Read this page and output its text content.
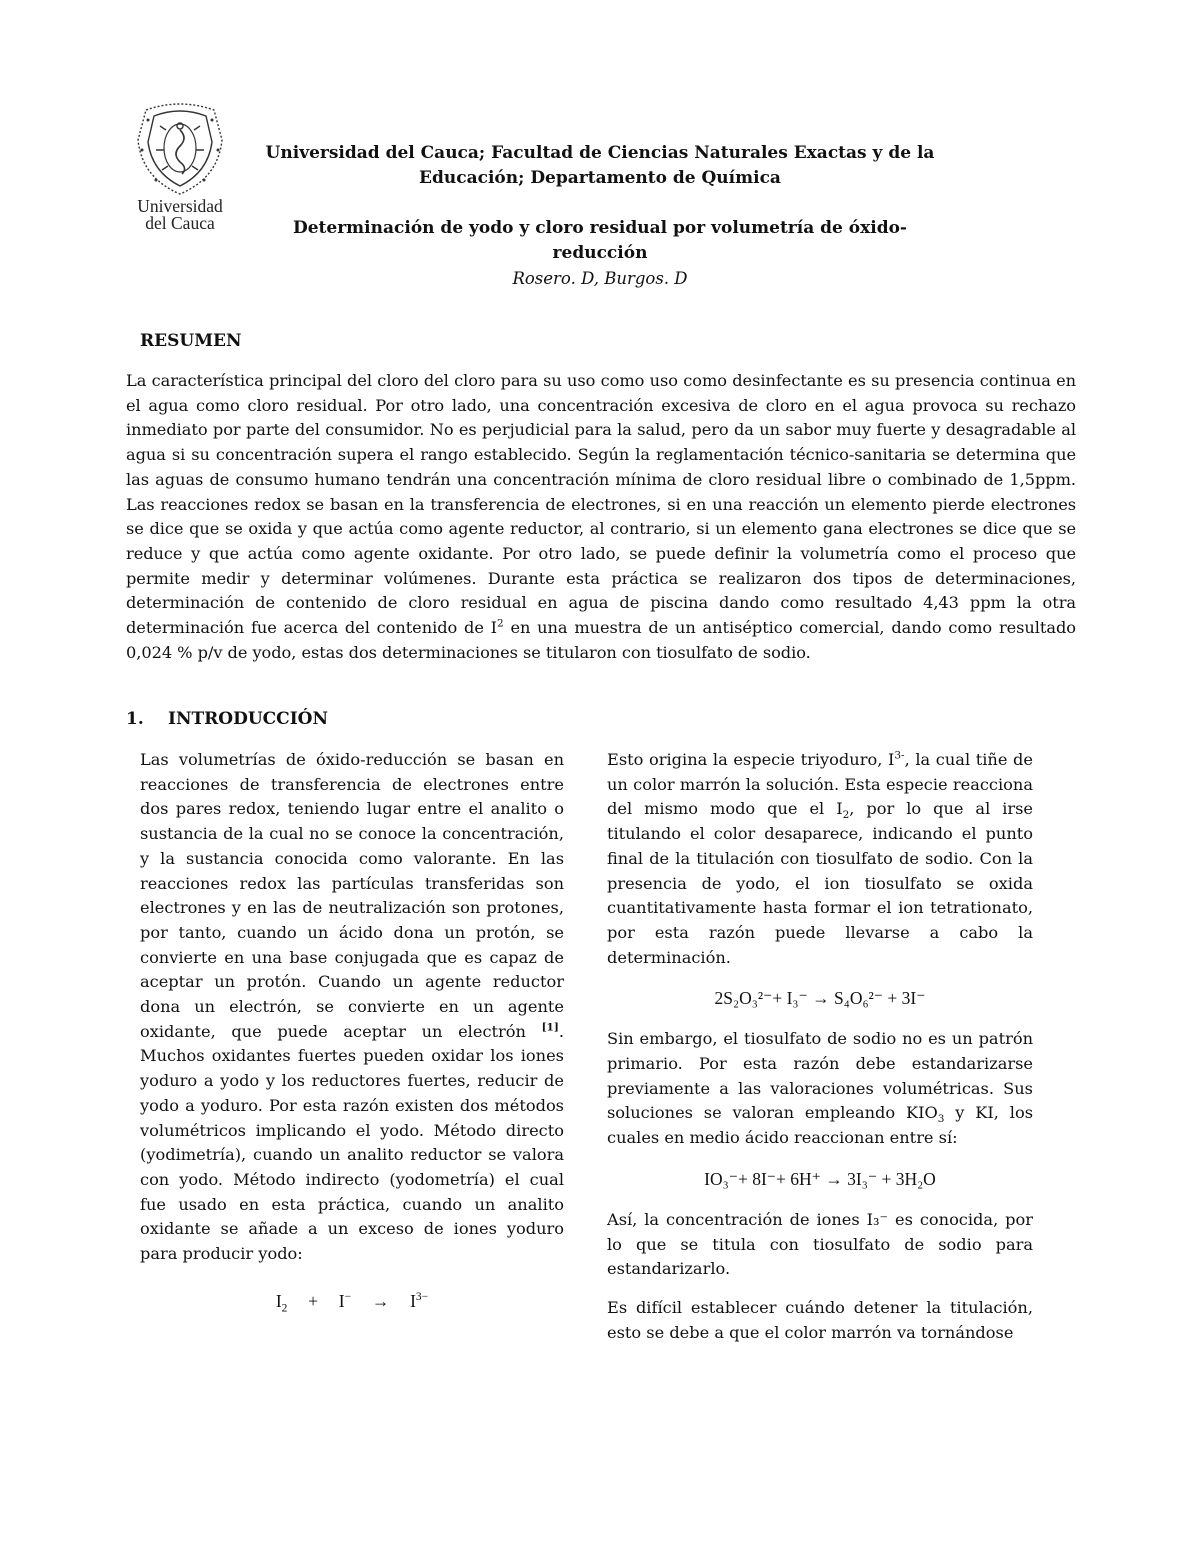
Universidad
del Cauca
Universidad del Cauca; Facultad de Ciencias Naturales Exactas y de la
Educación; Departamento de Química
Determinación de yodo y cloro residual por volumetría de óxido-
reducción
Rosero. D, Burgos. D
RESUMEN
La característica principal del cloro del cloro para su uso como uso como desinfectante es su presencia continua en el agua como cloro residual. Por otro lado, una concentración excesiva de cloro en el agua provoca su rechazo inmediato por parte del consumidor. No es perjudicial para la salud, pero da un sabor muy fuerte y desagradable al agua si su concentración supera el rango establecido. Según la reglamentación técnico-sanitaria se determina que las aguas de consumo humano tendrán una concentración mínima de cloro residual libre o combinado de 1,5ppm. Las reacciones redox se basan en la transferencia de electrones, si en una reacción un elemento pierde electrones se dice que se oxida y que actúa como agente reductor, al contrario, si un elemento gana electrones se dice que se reduce y que actúa como agente oxidante. Por otro lado, se puede definir la volumetría como el proceso que permite medir y determinar volúmenes. Durante esta práctica se realizaron dos tipos de determinaciones, determinación de contenido de cloro residual en agua de piscina dando como resultado 4,43 ppm la otra determinación fue acerca del contenido de $I^2$ en una muestra de un antiséptico comercial, dando como resultado 0,024 % p/v de yodo, estas dos determinaciones se titularon con tiosulfato de sodio.
1. INTRODUCCIÓN
Las volumetrías de óxido-reducción se basan en reacciones de transferencia de electrones entre dos pares redox, teniendo lugar entre el analito o sustancia de la cual no se conoce la concentración, y la sustancia conocida como valorante. En las reacciones redox las partículas transferidas son electrones y en las de neutralización son protones, por tanto, cuando un ácido dona un protón, se convierte en una base conjugada que es capaz de aceptar un protón. Cuando un agente reductor dona un electrón, se convierte en un agente oxidante, que puede aceptar un electrón [1]. Muchos oxidantes fuertes pueden oxidar los iones yoduro a yodo y los reductores fuertes, reducir de yodo a yoduro. Por esta razón existen dos métodos volumétricos implicando el yodo. Método directo (yodimetría), cuando un analito reductor se valora con yodo. Método indirecto (yodometría) el cual fue usado en esta práctica, cuando un analito oxidante se añade a un exceso de iones yoduro para producir yodo:
$I_2 + I^- \to I^{3-}$
Esto origina la especie triyoduro, $I^{3-}$, la cual tiñe de un color marrón la solución. Esta especie reacciona del mismo modo que el $I_2$, por lo que al irse titulando el color desaparece, indicando el punto final de la titulación con tiosulfato de sodio. Con la presencia de yodo, el ion tiosulfato se oxida cuantitativamente hasta formar el ion tetrationato, por esta razón puede llevarse a cabo la determinación.
2S₂O₃²⁻+ I₃⁻ → S₄O₆²⁻ + 3I⁻
Sin embargo, el tiosulfato de sodio no es un patrón primario. Por esta razón debe estandarizarse previamente a las valoraciones volumétricas. Sus soluciones se valoran empleando $KIO_3$ y KI, los cuales en medio ácido reaccionan entre sí:
IO₃⁻+ 8I⁻+ 6H⁺ → 3I₃⁻ + 3H₂O
Así, la concentración de iones I₃⁻ es conocida, por lo que se titula con tiosulfato de sodio para estandarizarlo.
Es difícil establecer cuándo detener la titulación, esto se debe a que el color marrón va tornándose
